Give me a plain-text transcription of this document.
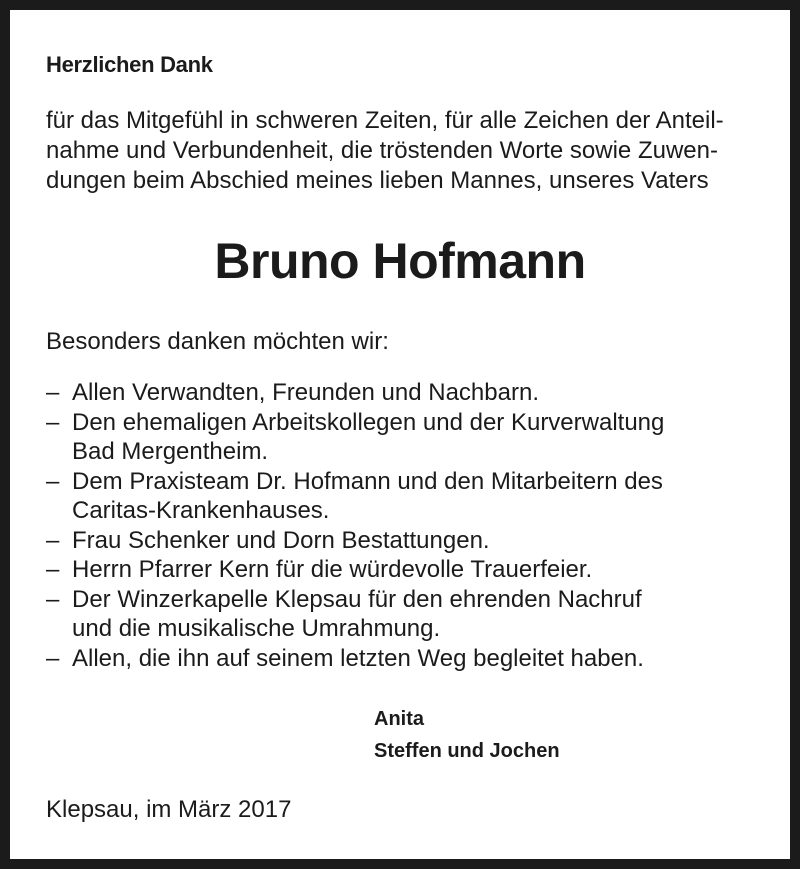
Herzlichen Dank
für das Mitgefühl in schweren Zeiten, für alle Zeichen der Anteil-
nahme und Verbundenheit, die tröstenden Worte sowie Zuwen-
dungen beim Abschied meines lieben Mannes, unseres Vaters
Bruno Hofmann
Besonders danken möchten wir:
– Allen Verwandten, Freunden und Nachbarn.
– Den ehemaligen Arbeitskollegen und der Kurverwaltung
Bad Mergentheim.
– Dem Praxisteam Dr. Hofmann und den Mitarbeitern des
Caritas-Krankenhauses.
– Frau Schenker und Dorn Bestattungen.
– Herrn Pfarrer Kern für die würdevolle Trauerfeier.
– Der Winzerkapelle Klepsau für den ehrenden Nachruf
und die musikalische Umrahmung.
– Allen, die ihn auf seinem letzten Weg begleitet haben.
Anita
Steffen und Jochen
Klepsau, im März 2017
